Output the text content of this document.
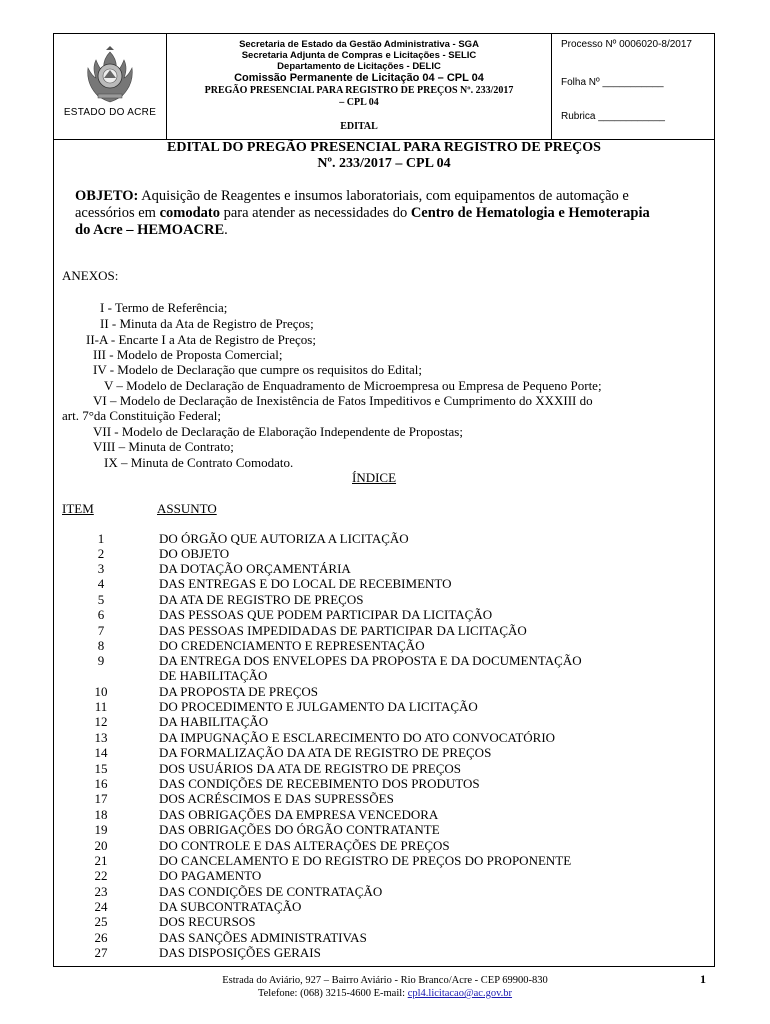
ESTADO DO ACRE
Secretaria de Estado da Gestão Administrativa - SGA
Secretaria Adjunta de Compras e Licitações - SELIC
Departamento de Licitações - DELIC
Comissão Permanente de Licitação 04 – CPL 04
PREGÃO PRESENCIAL PARA REGISTRO DE PREÇOS Nº. 233/2017
– CPL 04
EDITAL
Processo Nº 0006020-8/2017
Folha Nº ___________
Rubrica ____________
EDITAL DO PREGÃO PRESENCIAL PARA REGISTRO DE PREÇOS
Nº. 233/2017 – CPL 04
OBJETO: Aquisição de Reagentes e insumos laboratoriais, com equipamentos de automação e
acessórios em comodato para atender as necessidades do Centro de Hematologia e Hemoterapia
do Acre – HEMOACRE.
ANEXOS:
I - Termo de Referência;
II - Minuta da Ata de Registro de Preços;
II-A - Encarte I a Ata de Registro de Preços;
III - Modelo de Proposta Comercial;
IV - Modelo de Declaração que cumpre os requisitos do Edital;
V – Modelo de Declaração de Enquadramento de Microempresa ou Empresa de Pequeno Porte;
VI – Modelo de Declaração de Inexistência de Fatos Impeditivos e Cumprimento do XXXIII do
art. 7°da Constituição Federal;
VII - Modelo de Declaração de Elaboração Independente de Propostas;
VIII – Minuta de Contrato;
IX – Minuta de Contrato Comodato.
ÍNDICE
ITEM	ASSUNTO
1	DO ÓRGÃO QUE AUTORIZA A LICITAÇÃO
2	DO OBJETO
3	DA DOTAÇÃO ORÇAMENTÁRIA
4	DAS ENTREGAS E DO LOCAL DE RECEBIMENTO
5	DA ATA DE REGISTRO DE PREÇOS
6	DAS PESSOAS QUE PODEM PARTICIPAR DA LICITAÇÃO
7	DAS PESSOAS IMPEDIDADAS DE PARTICIPAR DA LICITAÇÃO
8	DO CREDENCIAMENTO E REPRESENTAÇÃO
9	DA ENTREGA DOS ENVELOPES DA PROPOSTA E DA DOCUMENTAÇÃO
DE HABILITAÇÃO
10	DA PROPOSTA DE PREÇOS
11	DO PROCEDIMENTO E JULGAMENTO DA LICITAÇÃO
12	DA HABILITAÇÃO
13	DA IMPUGNAÇÃO E ESCLARECIMENTO DO ATO CONVOCATÓRIO
14	DA FORMALIZAÇÃO DA ATA DE REGISTRO DE PREÇOS
15	DOS USUÁRIOS DA ATA DE REGISTRO DE PREÇOS
16	DAS CONDIÇÕES DE RECEBIMENTO DOS PRODUTOS
17	DOS ACRÉSCIMOS E DAS SUPRESSÕES
18	DAS OBRIGAÇÕES DA EMPRESA VENCEDORA
19	DAS OBRIGAÇÕES DO ÓRGÃO CONTRATANTE
20	DO CONTROLE E DAS ALTERAÇÕES DE PREÇOS
21	DO CANCELAMENTO E DO REGISTRO DE PREÇOS DO PROPONENTE
22	DO PAGAMENTO
23	DAS CONDIÇÕES DE CONTRATAÇÃO
24	DA SUBCONTRATAÇÃO
25	DOS RECURSOS
26	DAS SANÇÕES ADMINISTRATIVAS
27	DAS DISPOSIÇÕES GERAIS
Estrada do Aviário, 927 – Bairro Aviário - Rio Branco/Acre - CEP 69900-830
Telefone: (068) 3215-4600 E-mail: cpl4.licitacao@ac.gov.br
1
